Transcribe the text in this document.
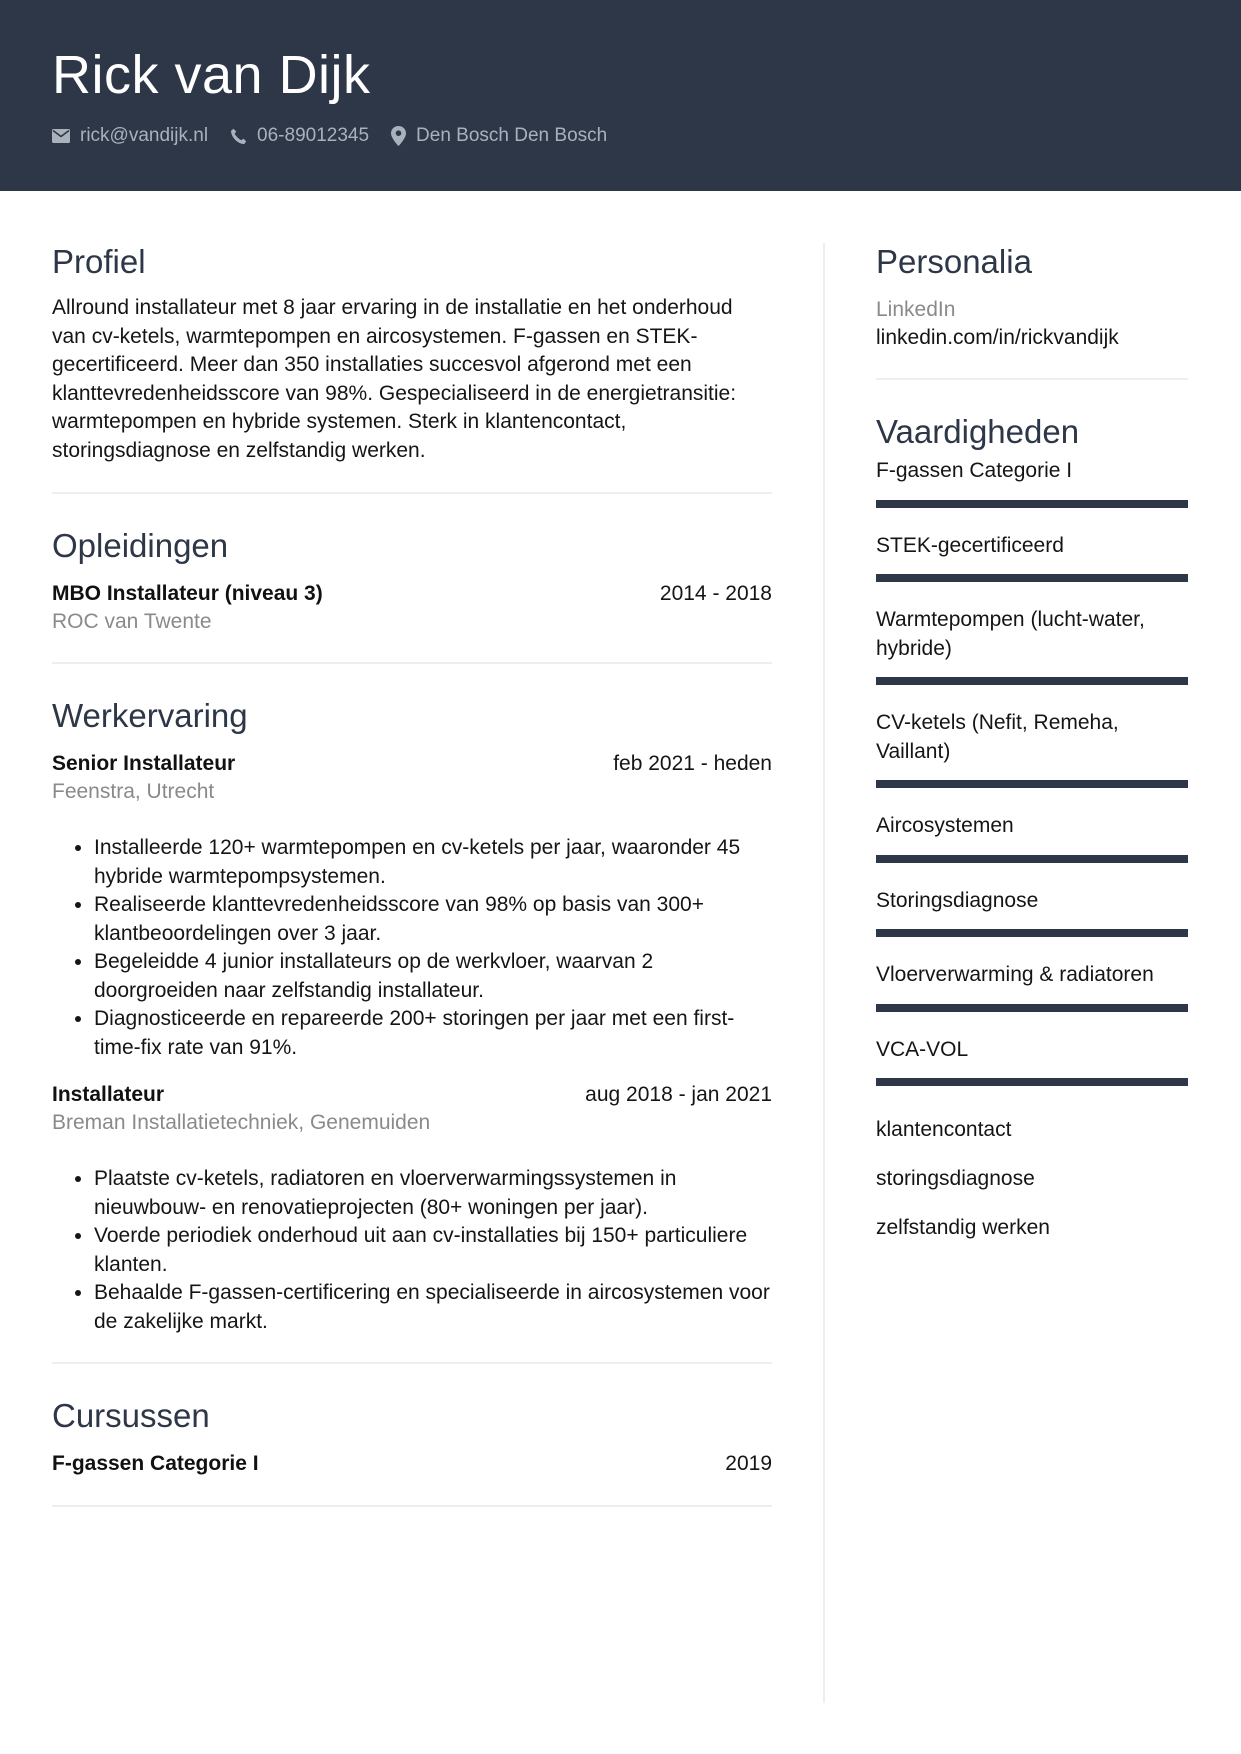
Rick van Dijk
rick@vandijk.nl	06-89012345 Den Bosch Den Bosch
Profiel

Allround installateur met 8 jaar ervaring in de installatie en het onderhoud van cv-ketels, warmtepompen en aircosystemen. F-gassen en STEK-gecertificeerd. Meer dan 350 installaties succesvol afgerond met een klanttevredenheidsscore van 98%. Gespecialiseerd in de energietransitie: warmtepompen en hybride systemen. Sterk in klantencontact, storingsdiagnose en zelfstandig werken.

Opleidingen
MBO Installateur (niveau 3)	2014 - 2018
ROC van Twente
Werkervaring
Senior Installateur	feb 2021 - heden
Feenstra, Utrecht
• Installeerde 120+ warmtepompen en cv-ketels per jaar, waaronder 45 hybride warmtepompsystemen.
• Realiseerde klanttevredenheidsscore van 98% op basis van 300+ klantbeoordelingen over 3 jaar.
• Begeleidde 4 junior installateurs op de werkvloer, waarvan 2 doorgroeiden naar zelfstandig installateur.
• Diagnosticeerde en repareerde 200+ storingen per jaar met een first-time-fix rate van 91%.
Installateur	aug 2018 - jan 2021
Breman Installatietechniek, Genemuiden
• Plaatste cv-ketels, radiatoren en vloerverwarmingssystemen in nieuwbouw- en renovatieprojecten (80+ woningen per jaar).
• Voerde periodiek onderhoud uit aan cv-installaties bij 150+ particuliere klanten.
• Behaalde F-gassen-certificering en specialiseerde in aircosystemen voor de zakelijke markt.
Cursussen
F-gassen Categorie I	2019
Personalia
LinkedIn
linkedin.com/in/rickvandijk
Vaardigheden
F-gassen Categorie I
STEK-gecertificeerd
Warmtepompen (lucht-water, hybride)
CV-ketels (Nefit, Remeha, Vaillant)
Aircosystemen
Storingsdiagnose
Vloerverwarming & radiatoren
VCA-VOL
klantencontact
storingsdiagnose
zelfstandig werken
